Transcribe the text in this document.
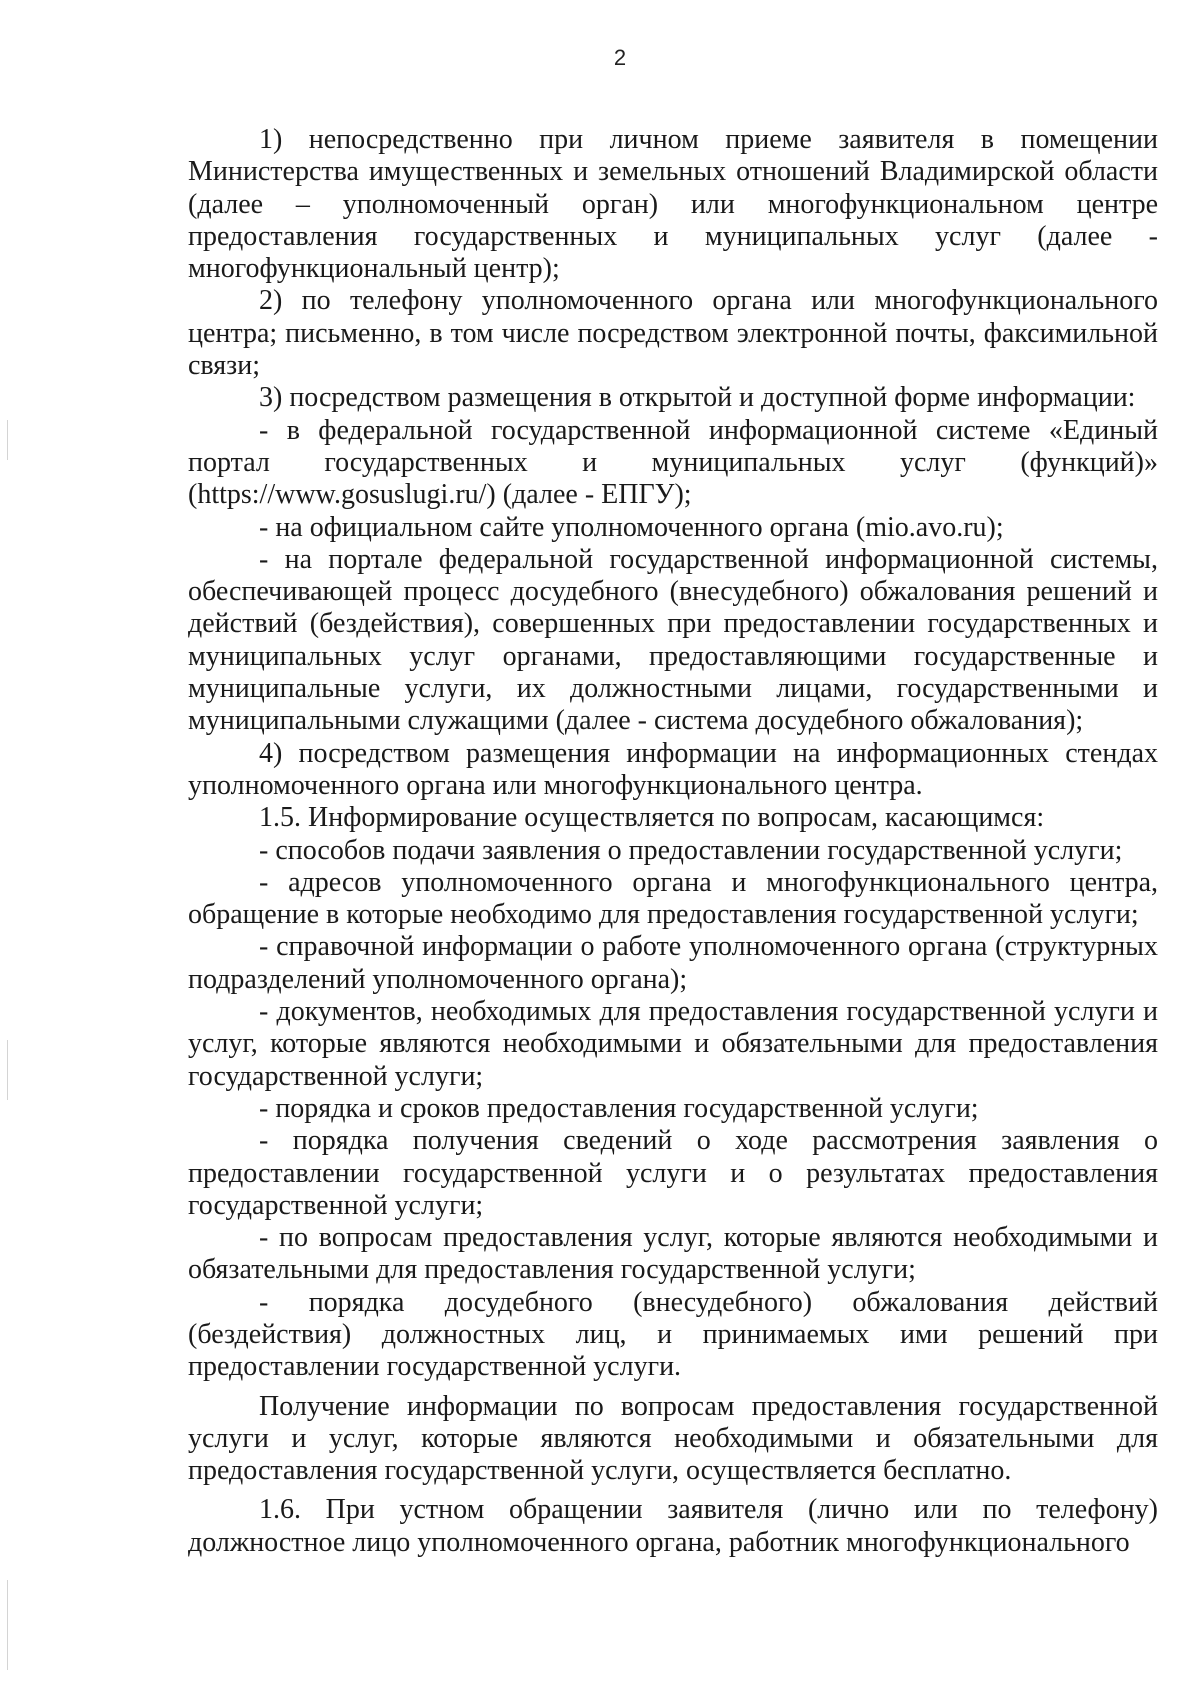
2

1) непосредственно при личном приеме заявителя в помещении Министерства имущественных и земельных отношений Владимирской области (далее – уполномоченный орган) или многофункциональном центре предоставления государственных и муниципальных услуг (далее - многофункциональный центр);

2) по телефону уполномоченного органа или многофункционального центра; письменно, в том числе посредством электронной почты, факсимильной связи;

3) посредством размещения в открытой и доступной форме информации:

- в федеральной государственной информационной системе «Единый портал государственных и муниципальных услуг (функций)» (https://www.gosuslugi.ru/) (далее - ЕПГУ);

- на официальном сайте уполномоченного органа (mio.avo.ru);

- на портале федеральной государственной информационной системы, обеспечивающей процесс досудебного (внесудебного) обжалования решений и действий (бездействия), совершенных при предоставлении государственных и муниципальных услуг органами, предоставляющими государственные и муниципальные услуги, их должностными лицами, государственными и муниципальными служащими (далее - система досудебного обжалования);

4) посредством размещения информации на информационных стендах уполномоченного органа или многофункционального центра.

1.5. Информирование осуществляется по вопросам, касающимся:

- способов подачи заявления о предоставлении государственной услуги;

- адресов уполномоченного органа и многофункционального центра, обращение в которые необходимо для предоставления государственной услуги;

- справочной информации о работе уполномоченного органа (структурных подразделений уполномоченного органа);

- документов, необходимых для предоставления государственной услуги и услуг, которые являются необходимыми и обязательными для предоставления государственной услуги;

- порядка и сроков предоставления государственной услуги;

- порядка получения сведений о ходе рассмотрения заявления о предоставлении государственной услуги и о результатах предоставления государственной услуги;

- по вопросам предоставления услуг, которые являются необходимыми и обязательными для предоставления государственной услуги;

- порядка досудебного (внесудебного) обжалования действий (бездействия) должностных лиц, и принимаемых ими решений при предоставлении государственной услуги.

Получение информации по вопросам предоставления государственной услуги и услуг, которые являются необходимыми и обязательными для предоставления государственной услуги, осуществляется бесплатно.

1.6. При устном обращении заявителя (лично или по телефону) должностное лицо уполномоченного органа, работник многофункционального
